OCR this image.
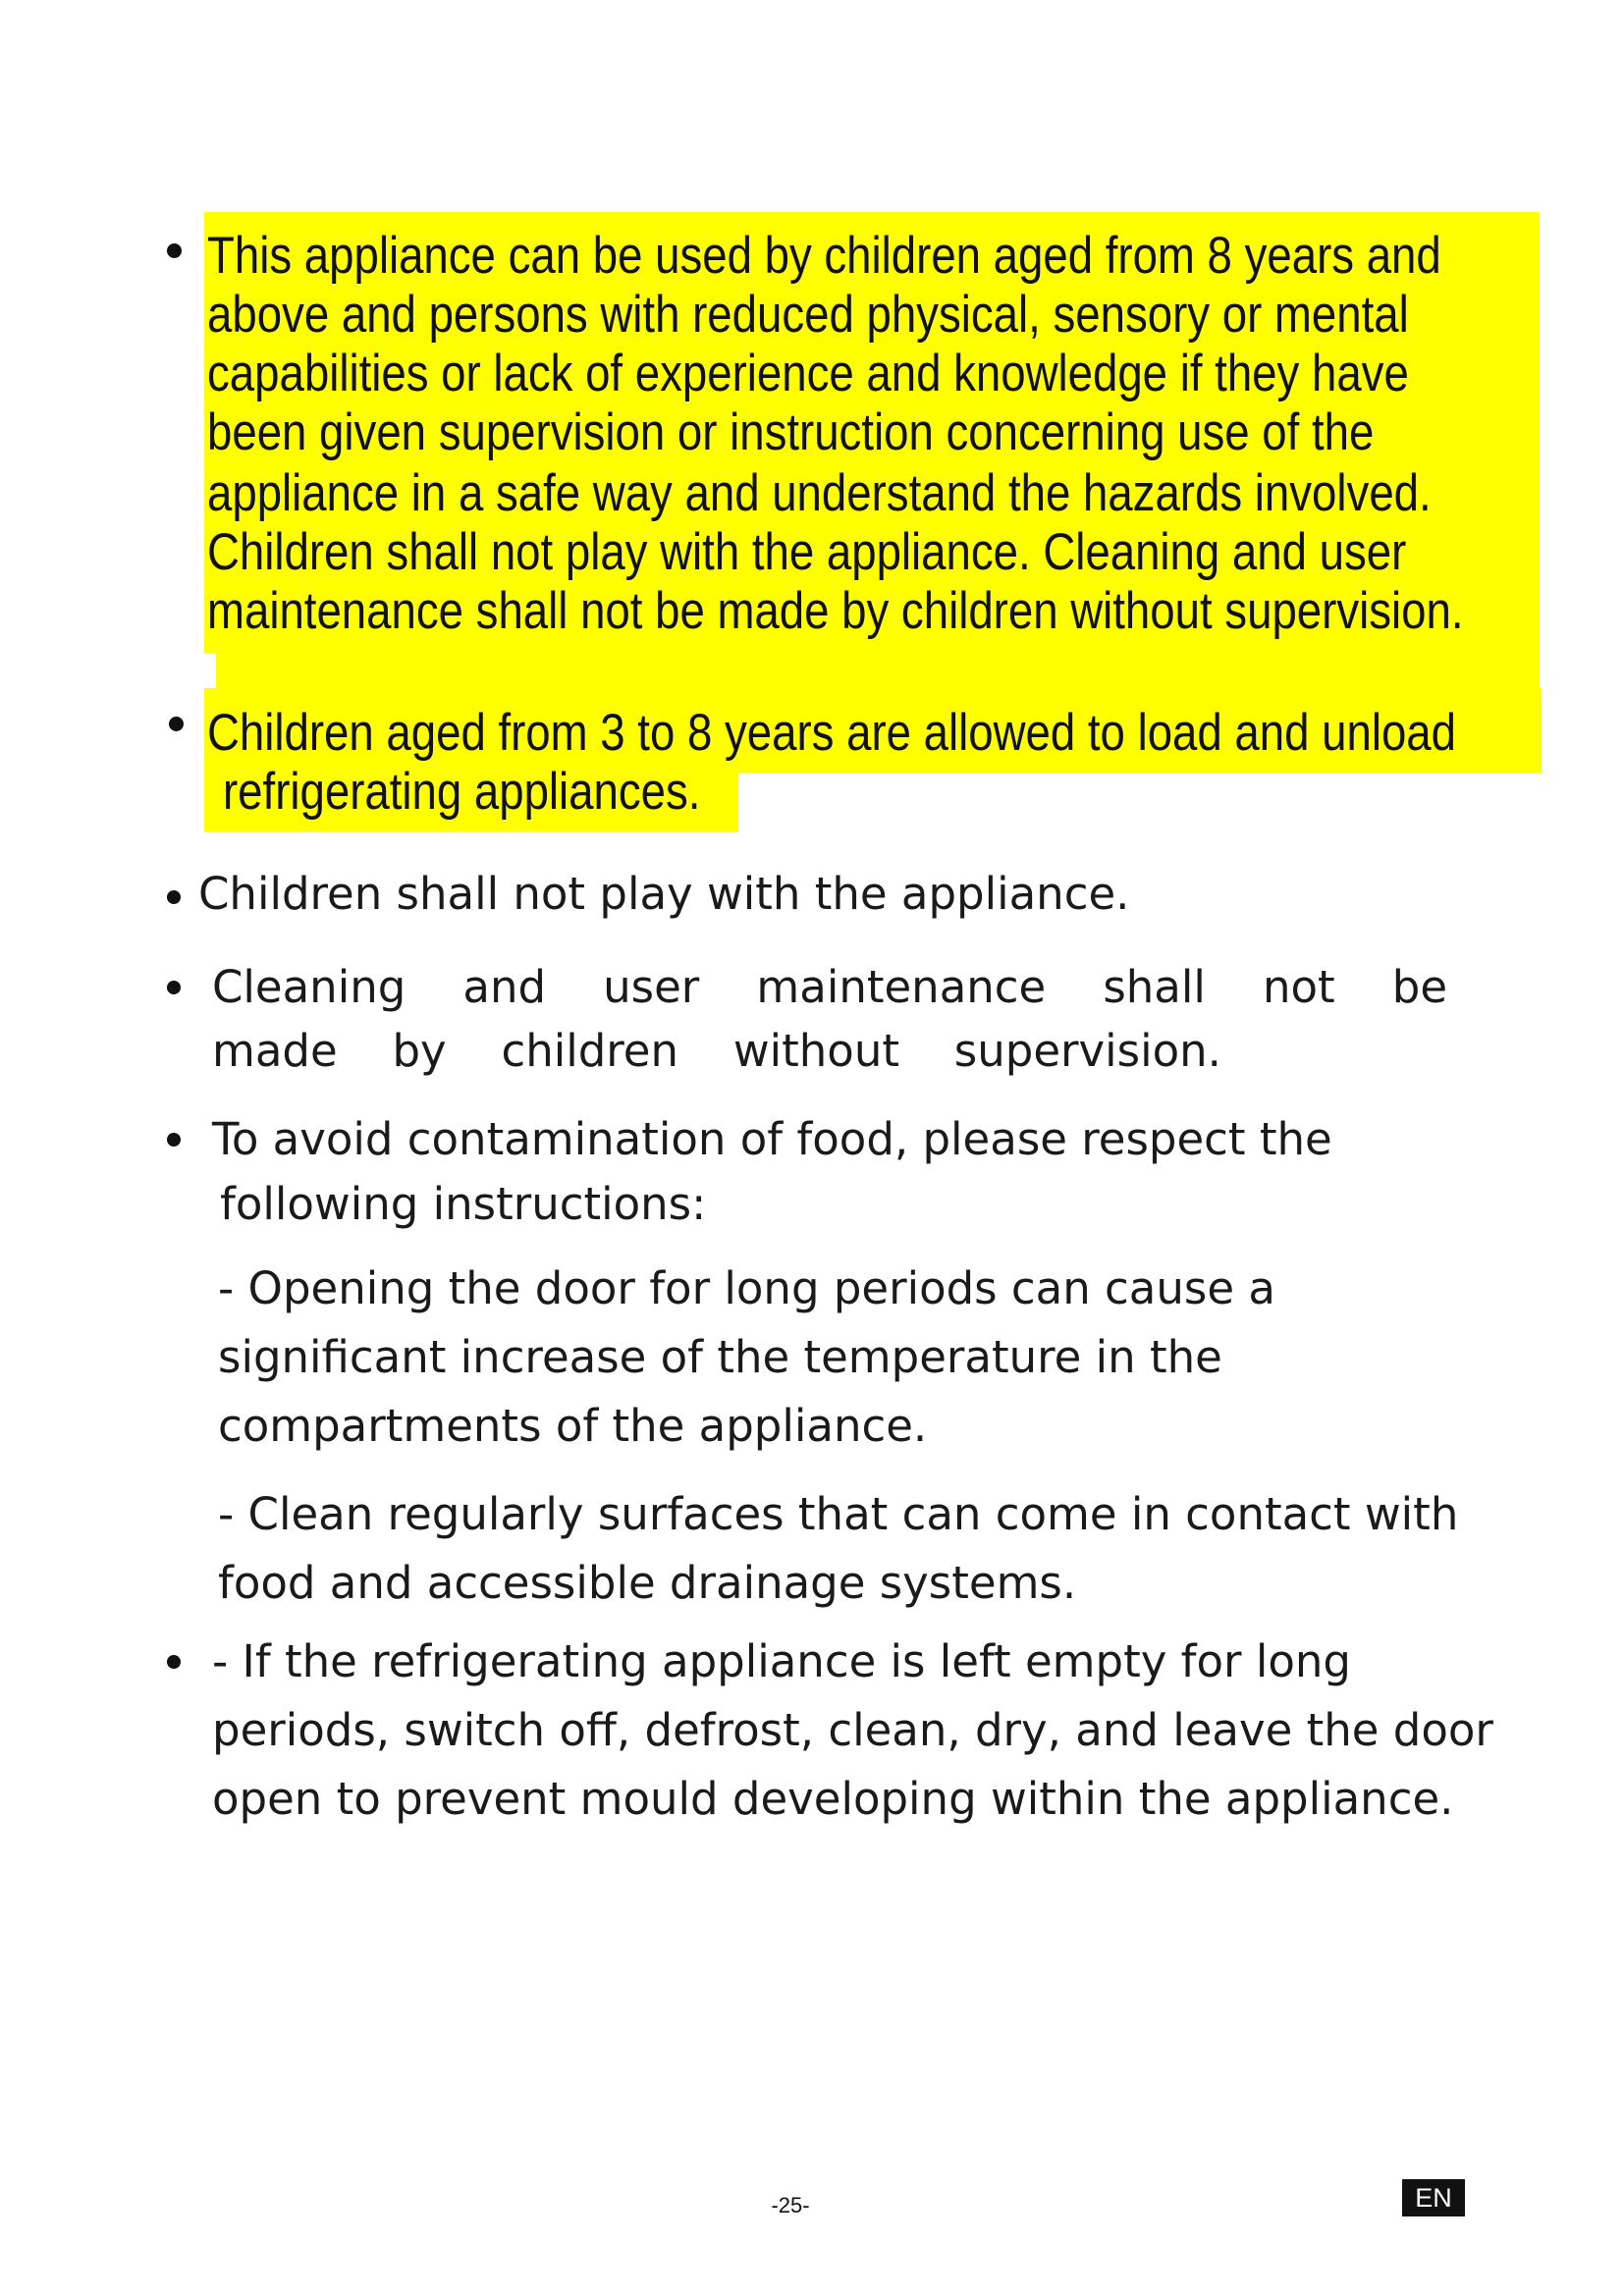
This appliance can be used by children aged from 8 years and
above and persons with reduced physical, sensory or mental
capabilities or lack of experience and knowledge if they have
been given supervision or instruction concerning use of the
appliance in a safe way and understand the hazards involved.
Children shall not play with the appliance. Cleaning and user
maintenance shall not be made by children without supervision.
Children aged from 3 to 8 years are allowed to load and unload
refrigerating appliances.
Children shall not play with the appliance.
Cleaning and user maintenance shall not be
made by children without supervision.
To avoid contamination of food, please respect the
following instructions:
- Opening the door for long periods can cause a
significant increase of the temperature in the
compartments of the appliance.
- Clean regularly surfaces that can come in contact with
food and accessible drainage systems.
- If the refrigerating appliance is left empty for long
periods, switch off, defrost, clean, dry, and leave the door
open to prevent mould developing within the appliance.
-25-	EN
